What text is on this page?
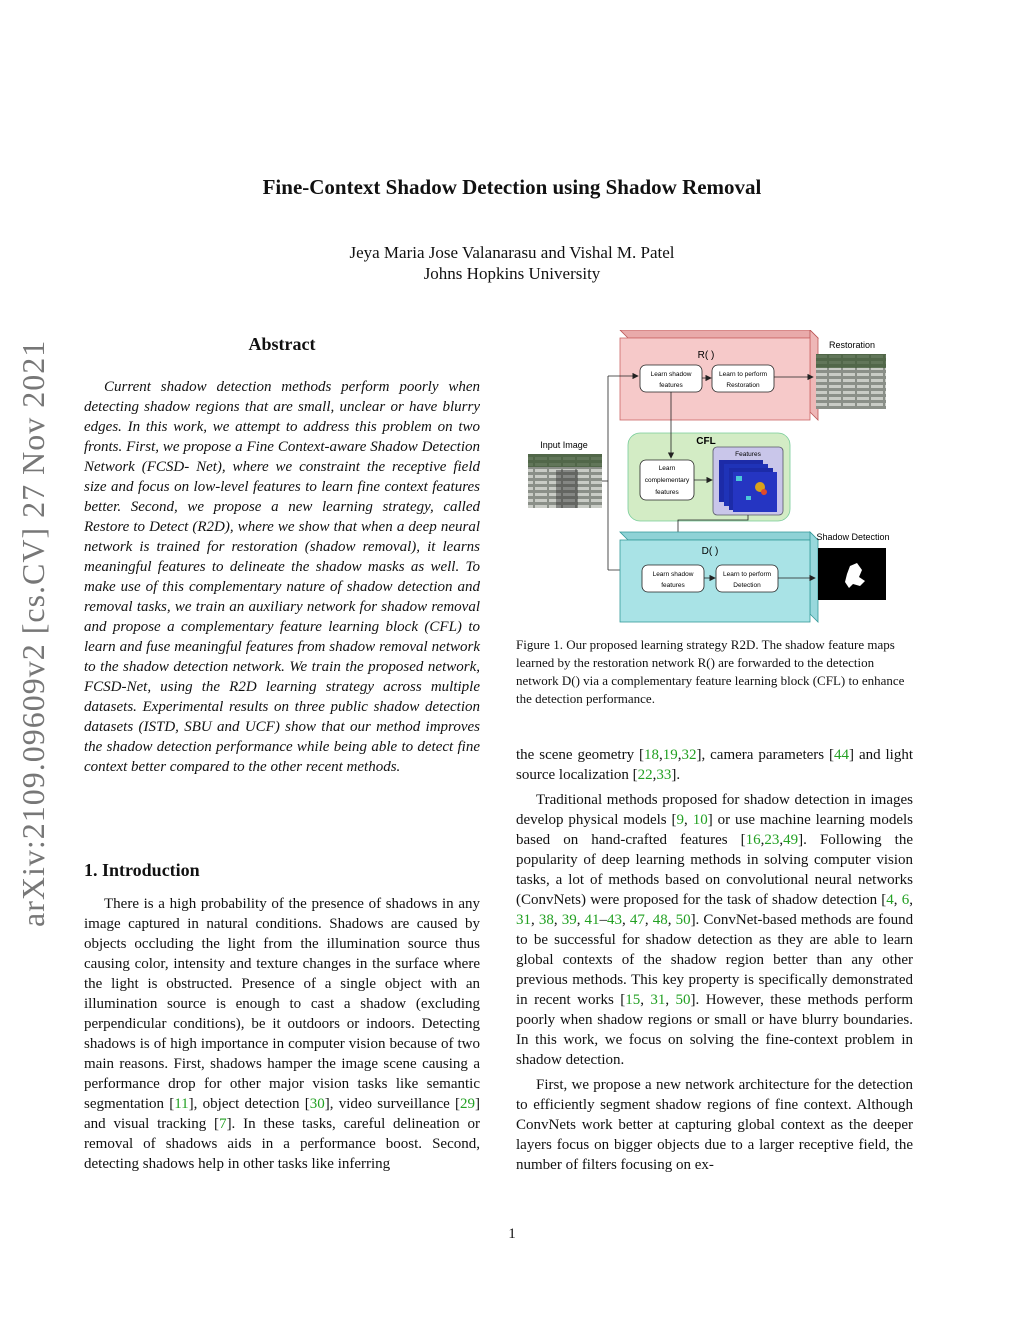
arXiv:2109.09609v2 [cs.CV] 27 Nov 2021
Fine-Context Shadow Detection using Shadow Removal
Jeya Maria Jose Valanarasu and Vishal M. Patel
Johns Hopkins University
Abstract

Current shadow detection methods perform poorly when detecting shadow regions that are small, unclear or have blurry edges. In this work, we attempt to address this problem on two fronts. First, we propose a Fine Context-aware Shadow Detection Network (FCSD- Net), where we constraint the receptive field size and focus on low-level features to learn fine context features better. Second, we propose a new learning strategy, called Restore to Detect (R2D), where we show that when a deep neural network is trained for restoration (shadow removal), it learns meaningful features to delineate the shadow masks as well. To make use of this complementary nature of shadow detection and removal tasks, we train an auxiliary network for shadow removal and propose a complementary feature learning block (CFL) to learn and fuse meaningful features from shadow removal network to the shadow detection network. We train the proposed network, FCSD-Net, using the R2D learning strategy across multiple datasets. Experimental results on three public shadow detection datasets (ISTD, SBU and UCF) show that our method improves the shadow detection performance while being able to detect fine context better compared to the other recent methods.

1. Introduction

There is a high probability of the presence of shadows in any image captured in natural conditions. Shadows are caused by objects occluding the light from the illumination source thus causing color, intensity and texture changes in the surface where the light is obstructed. Presence of a single object with an illumination source is enough to cast a shadow (excluding perpendicular conditions), be it outdoors or indoors. Detecting shadows is of high importance in computer vision because of two main reasons. First, shadows hamper the image scene causing a performance drop for other major vision tasks like semantic segmentation [11], object detection [30], video surveillance [29] and visual tracking [7]. In these tasks, careful delineation or removal of shadows aids in a performance boost. Second, detecting shadows help in other tasks like inferring

R( )
Learn shadow
features
Learn to perform
Restoration
Restoration
Input Image	CFL
Learn
complementary
features
Features
D( )
Learn shadow
features
Learn to perform
Detection
Shadow Detection
Figure 1. Our proposed learning strategy R2D. The shadow feature maps learned by the restoration network R() are forwarded to the detection network D() via a complementary feature learning block (CFL) to enhance the detection performance.

the scene geometry [18,19,32], camera parameters [44] and light source localization [22,33].

Traditional methods proposed for shadow detection in images develop physical models [9, 10] or use machine learning models based on hand-crafted features [16,23,49]. Following the popularity of deep learning methods in solving computer vision tasks, a lot of methods based on convolutional neural networks (ConvNets) were proposed for the task of shadow detection [4, 6, 31, 38, 39, 41–43, 47, 48, 50]. ConvNet-based methods are found to be successful for shadow detection as they are able to learn global contexts of the shadow region better than any other previous methods. This key property is specifically demonstrated in recent works [15, 31, 50]. However, these methods perform poorly when shadow regions or small or have blurry boundaries. In this work, we focus on solving the fine-context problem in shadow detection.

First, we propose a new network architecture for the detection to efficiently segment shadow regions of fine context. Although ConvNets work better at capturing global context as the deeper layers focus on bigger objects due to a larger receptive field, the number of filters focusing on ex-

1
